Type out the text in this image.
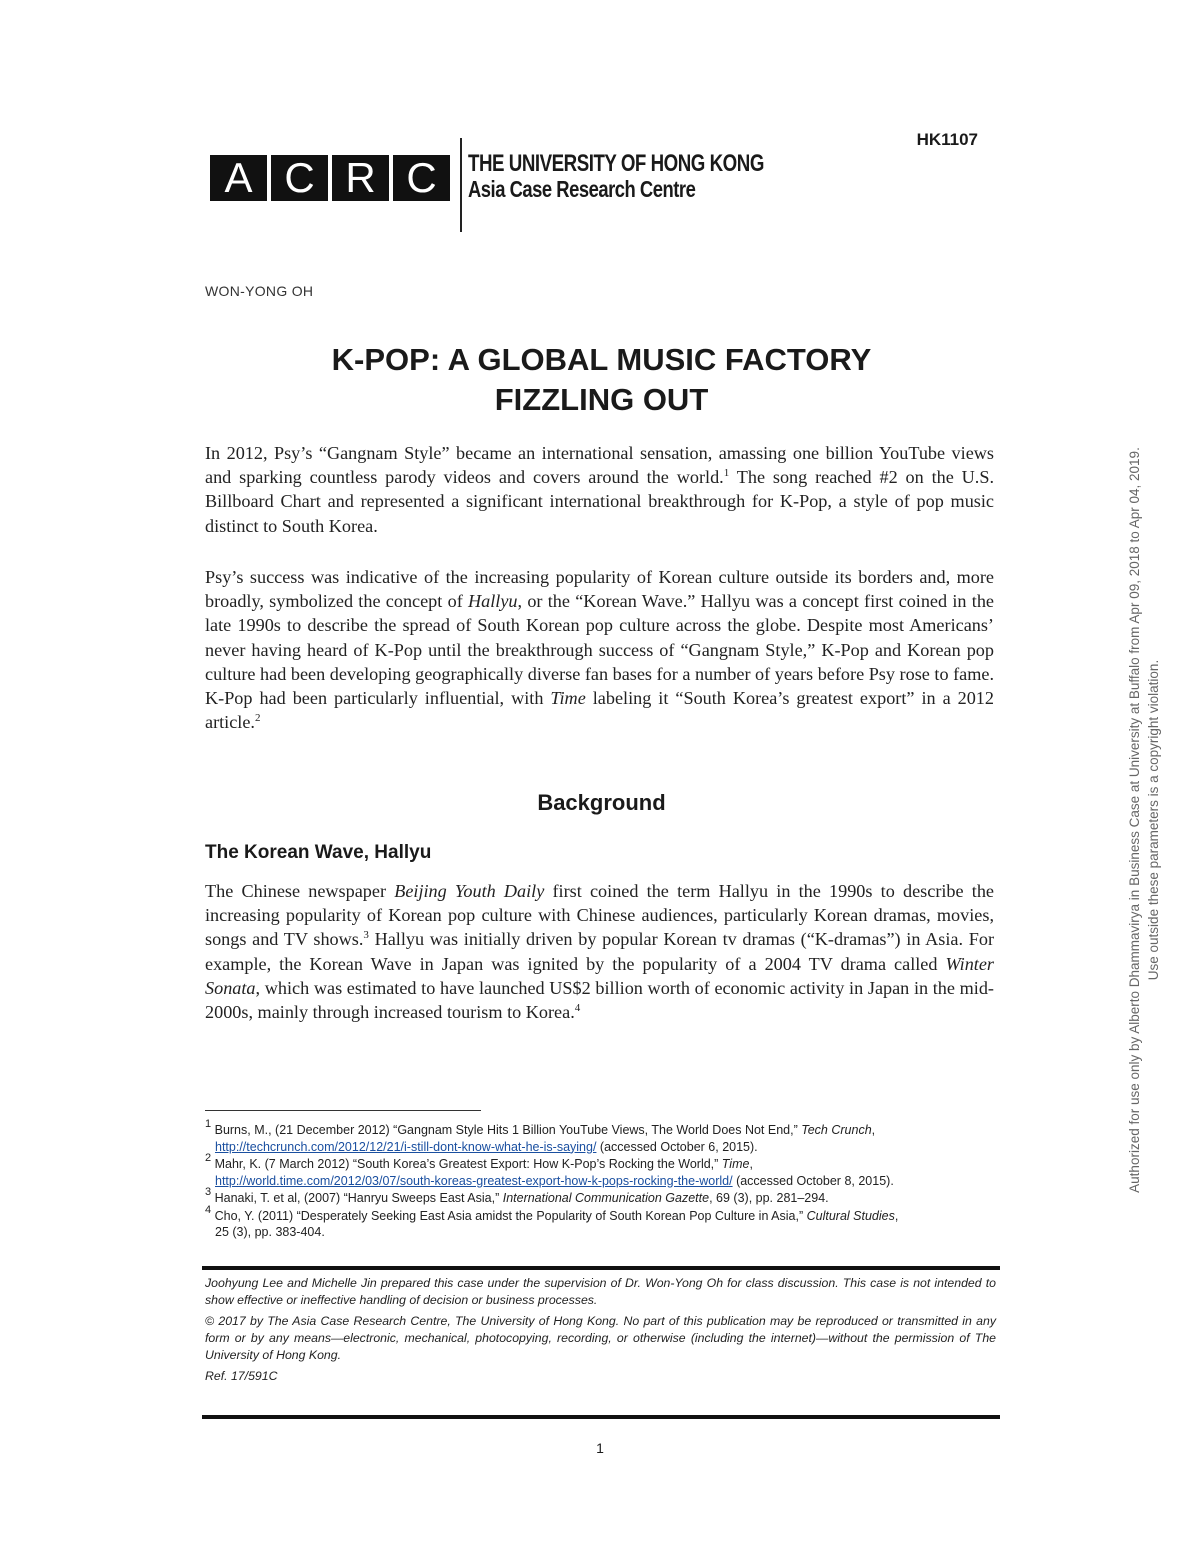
HK1107
A C R C	THE UNIVERSITY OF HONG KONG
Asia Case Research Centre
WON-YONG OH
K-POP: A GLOBAL MUSIC FACTORY
FIZZLING OUT

In 2012, Psy’s “Gangnam Style” became an international sensation, amassing one billion YouTube views and sparking countless parody videos and covers around the world.$^1$ The song reached #2 on the U.S. Billboard Chart and represented a significant international breakthrough for K-Pop, a style of pop music distinct to South Korea.

Psy’s success was indicative of the increasing popularity of Korean culture outside its borders and, more broadly, symbolized the concept of Hallyu, or the “Korean Wave.” Hallyu was a concept first coined in the late 1990s to describe the spread of South Korean pop culture across the globe. Despite most Americans’ never having heard of K-Pop until the breakthrough success of “Gangnam Style,” K-Pop and Korean pop culture had been developing geographically diverse fan bases for a number of years before Psy rose to fame. K-Pop had been particularly influential, with Time labeling it “South Korea’s greatest export” in a 2012 article.$^2$

Background
The Korean Wave, Hallyu

The Chinese newspaper Beijing Youth Daily first coined the term Hallyu in the 1990s to describe the increasing popularity of Korean pop culture with Chinese audiences, particularly Korean dramas, movies, songs and TV shows.$^3$ Hallyu was initially driven by popular Korean tv dramas (“K-dramas”) in Asia. For example, the Korean Wave in Japan was ignited by the popularity of a 2004 TV drama called Winter Sonata, which was estimated to have launched US$2 billion worth of economic activity in Japan in the mid-2000s, mainly through increased tourism to Korea.$^4$

$^1$ Burns, M., (21 December 2012) “Gangnam Style Hits 1 Billion YouTube Views, The World Does Not End,” Tech Crunch,
http://techcrunch.com/2012/12/21/i-still-dont-know-what-he-is-saying/ (accessed October 6, 2015).

$^2$ Mahr, K. (7 March 2012) “South Korea’s Greatest Export: How K-Pop’s Rocking the World,” Time,
http://world.time.com/2012/03/07/south-koreas-greatest-export-how-k-pops-rocking-the-world/ (accessed October 8, 2015).

$^3$ Hanaki, T. et al, (2007) “Hanryu Sweeps East Asia,” International Communication Gazette, 69 (3), pp. 281–294.

$^4$ Cho, Y. (2011) “Desperately Seeking East Asia amidst the Popularity of South Korean Pop Culture in Asia,” Cultural Studies,
25 (3), pp. 383-404.

Joohyung Lee and Michelle Jin prepared this case under the supervision of Dr. Won-Yong Oh for class discussion. This case is not intended to show effective or ineffective handling of decision or business processes.

© 2017 by The Asia Case Research Centre, The University of Hong Kong. No part of this publication may be reproduced or transmitted in any form or by any means—electronic, mechanical, photocopying, recording, or otherwise (including the internet)—without the permission of The University of Hong Kong.

Ref. 17/591C

1
Authorized for use only by Alberto Dhammavirya in Business Case at University at Buffalo from Apr 09, 2018 to Apr 04, 2019. Use outside these parameters is a copyright violation.
